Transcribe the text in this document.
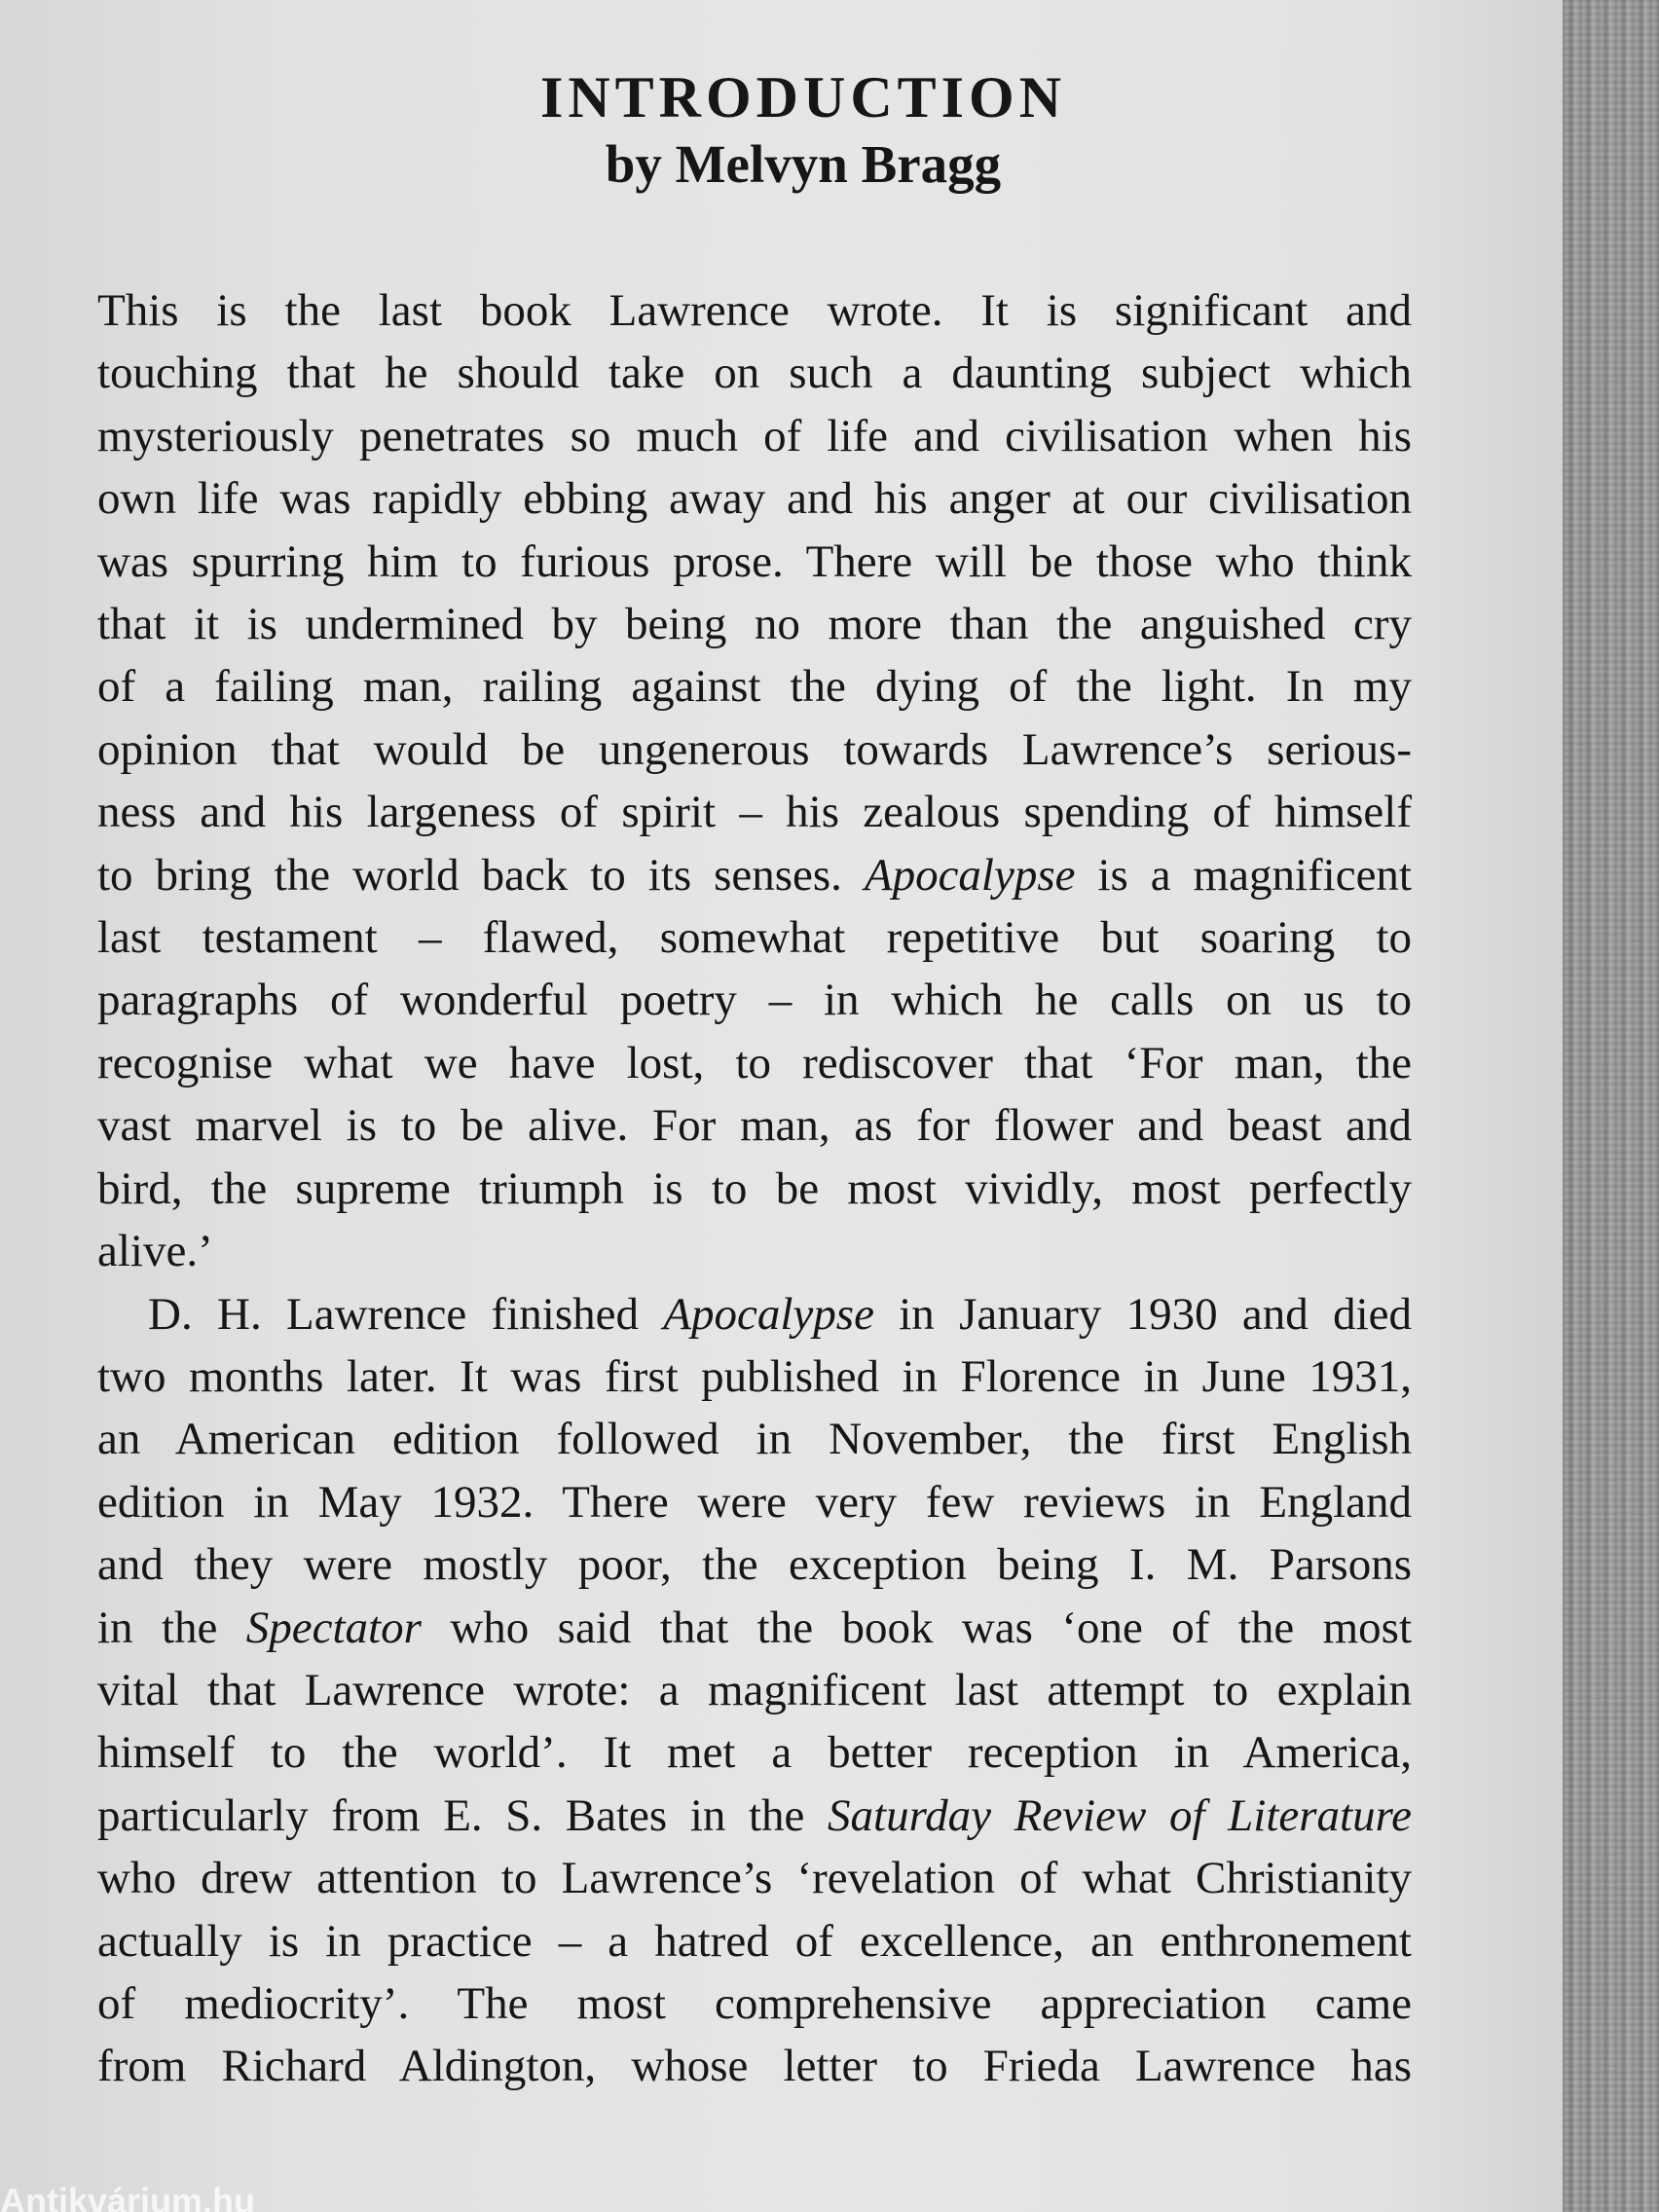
INTRODUCTION
by Melvyn Bragg
This is the last book Lawrence wrote. It is significant and
touching that he should take on such a daunting subject which
mysteriously penetrates so much of life and civilisation when his
own life was rapidly ebbing away and his anger at our civilisation
was spurring him to furious prose. There will be those who think
that it is undermined by being no more than the anguished cry
of a failing man, railing against the dying of the light. In my
opinion that would be ungenerous towards Lawrence’s serious-
ness and his largeness of spirit – his zealous spending of himself
to bring the world back to its senses. Apocalypse is a magnificent
last testament – flawed, somewhat repetitive but soaring to
paragraphs of wonderful poetry – in which he calls on us to
recognise what we have lost, to rediscover that ‘For man, the
vast marvel is to be alive. For man, as for flower and beast and
bird, the supreme triumph is to be most vividly, most perfectly
alive.’
D. H. Lawrence finished Apocalypse in January 1930 and died
two months later. It was first published in Florence in June 1931,
an American edition followed in November, the first English
edition in May 1932. There were very few reviews in England
and they were mostly poor, the exception being I. M. Parsons
in the Spectator who said that the book was ‘one of the most
vital that Lawrence wrote: a magnificent last attempt to explain
himself to the world’. It met a better reception in America,
particularly from E. S. Bates in the Saturday Review of Literature
who drew attention to Lawrence’s ‘revelation of what Christianity
actually is in practice – a hatred of excellence, an enthronement
of mediocrity’. The most comprehensive appreciation came
from Richard Aldington, whose letter to Frieda Lawrence has
Antikvárium.hu
